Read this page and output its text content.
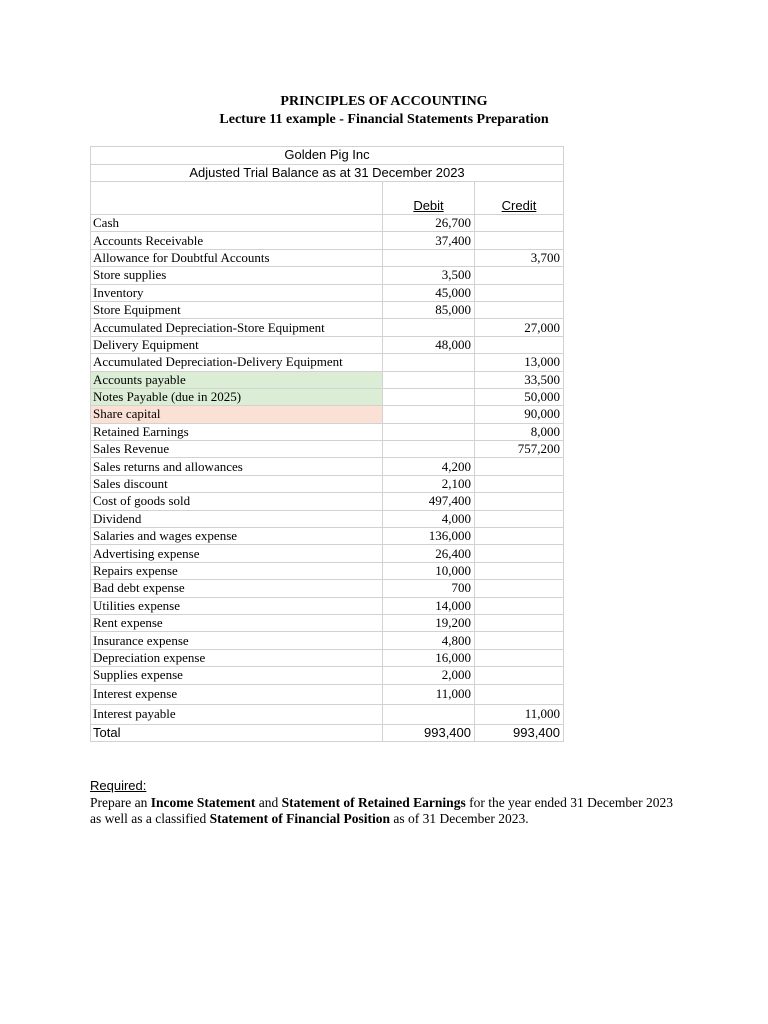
PRINCIPLES OF ACCOUNTING
Lecture 11 example - Financial Statements Preparation
Golden Pig Inc		
Adjusted Trial Balance as at 31 December 2023		
	Debit	Credit
Cash	26,700	
Accounts Receivable	37,400	
Allowance for Doubtful Accounts		3,700
Store supplies	3,500	
Inventory	45,000	
Store Equipment	85,000	
Accumulated Depreciation-Store Equipment		27,000
Delivery Equipment	48,000	
Accumulated Depreciation-Delivery Equipment		13,000
Accounts payable		33,500
Notes Payable (due in 2025)		50,000
Share capital		90,000
Retained Earnings		8,000
Sales Revenue		757,200
Sales returns and allowances	4,200	
Sales discount	2,100	
Cost of goods sold	497,400	
Dividend	4,000	
Salaries and wages expense	136,000	
Advertising expense	26,400	
Repairs expense	10,000	
Bad debt expense	700	
Utilities expense	14,000	
Rent expense	19,200	
Insurance expense	4,800	
Depreciation expense	16,000	
Supplies expense	2,000	
Interest expense	11,000	
Interest payable		11,000
Total	993,400	993,400
Required:
Prepare an Income Statement and Statement of Retained Earnings for the year ended 31 December 2023 as well as a classified Statement of Financial Position as of 31 December 2023.
